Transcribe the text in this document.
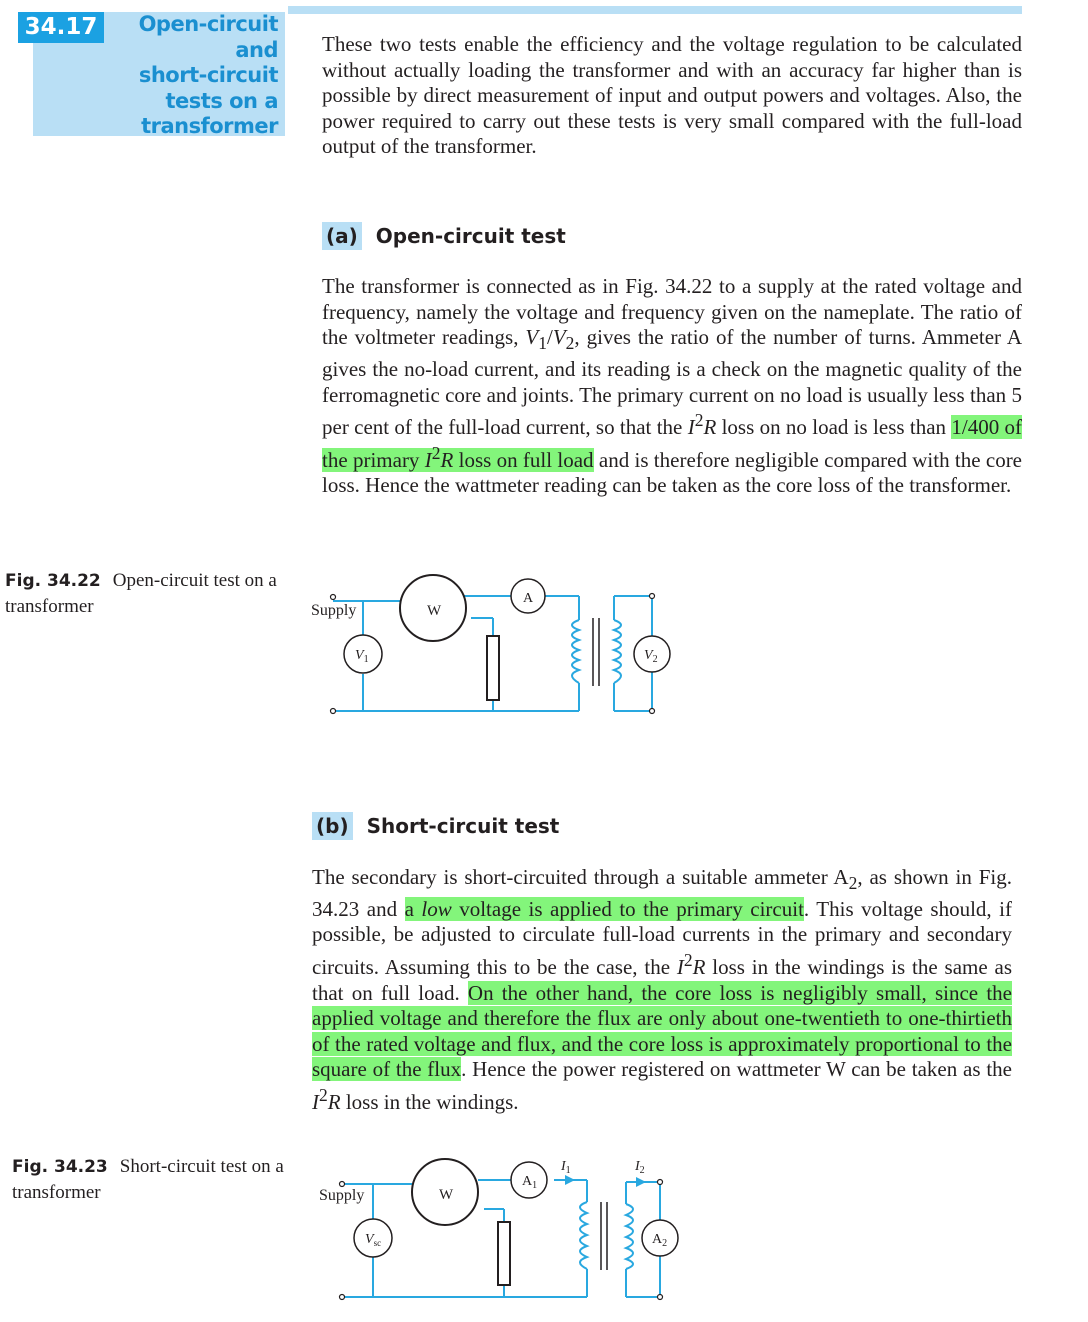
34.17	Open-circuit and
short-circuit
tests on a
transformer

These two tests enable the efficiency and the voltage regulation to be calculated without actually loading the transformer and with an accuracy far higher than is possible by direct measurement of input and output powers and voltages. Also, the power required to carry out these tests is very small compared with the full-load output of the transformer.

(a) Open-circuit test

The transformer is connected as in Fig. 34.22 to a supply at the rated voltage and frequency, namely the voltage and frequency given on the nameplate. The ratio of the voltmeter readings, $V_1/V_2$, gives the ratio of the number of turns. Ammeter A gives the no-load current, and its reading is a check on the magnetic quality of the ferromagnetic core and joints. The primary current on no load is usually less than 5 per cent of the full-load current, so that the $I^2R$ loss on no load is less than 1/400 of the primary $I^2R$ loss on full load and is therefore negligible compared with the core loss. Hence the wattmeter reading can be taken as the core loss of the transformer.

Fig. 34.22 Open-circuit test on a transformer	Supply	W
A
$V_1$	$V_2$
(b) Short-circuit test

The secondary is short-circuited through a suitable ammeter $A_2$, as shown in Fig. 34.23 and a low voltage is applied to the primary circuit. This voltage should, if possible, be adjusted to circulate full-load currents in the primary and secondary circuits. Assuming this to be the case, the $I^2R$ loss in the windings is the same as that on full load. On the other hand, the core loss is negligibly small, since the applied voltage and therefore the flux are only about one-twentieth to one-thirtieth of the rated voltage and flux, and the core loss is approximately proportional to the square of the flux. Hence the power registered on wattmeter W can be taken as the $I^2R$ loss in the windings.

Fig. 34.23 Short-circuit test on a transformer	Supply	W
$A_1$
$A_2$
$I_1$	$I_2$
$V_{sc}$
